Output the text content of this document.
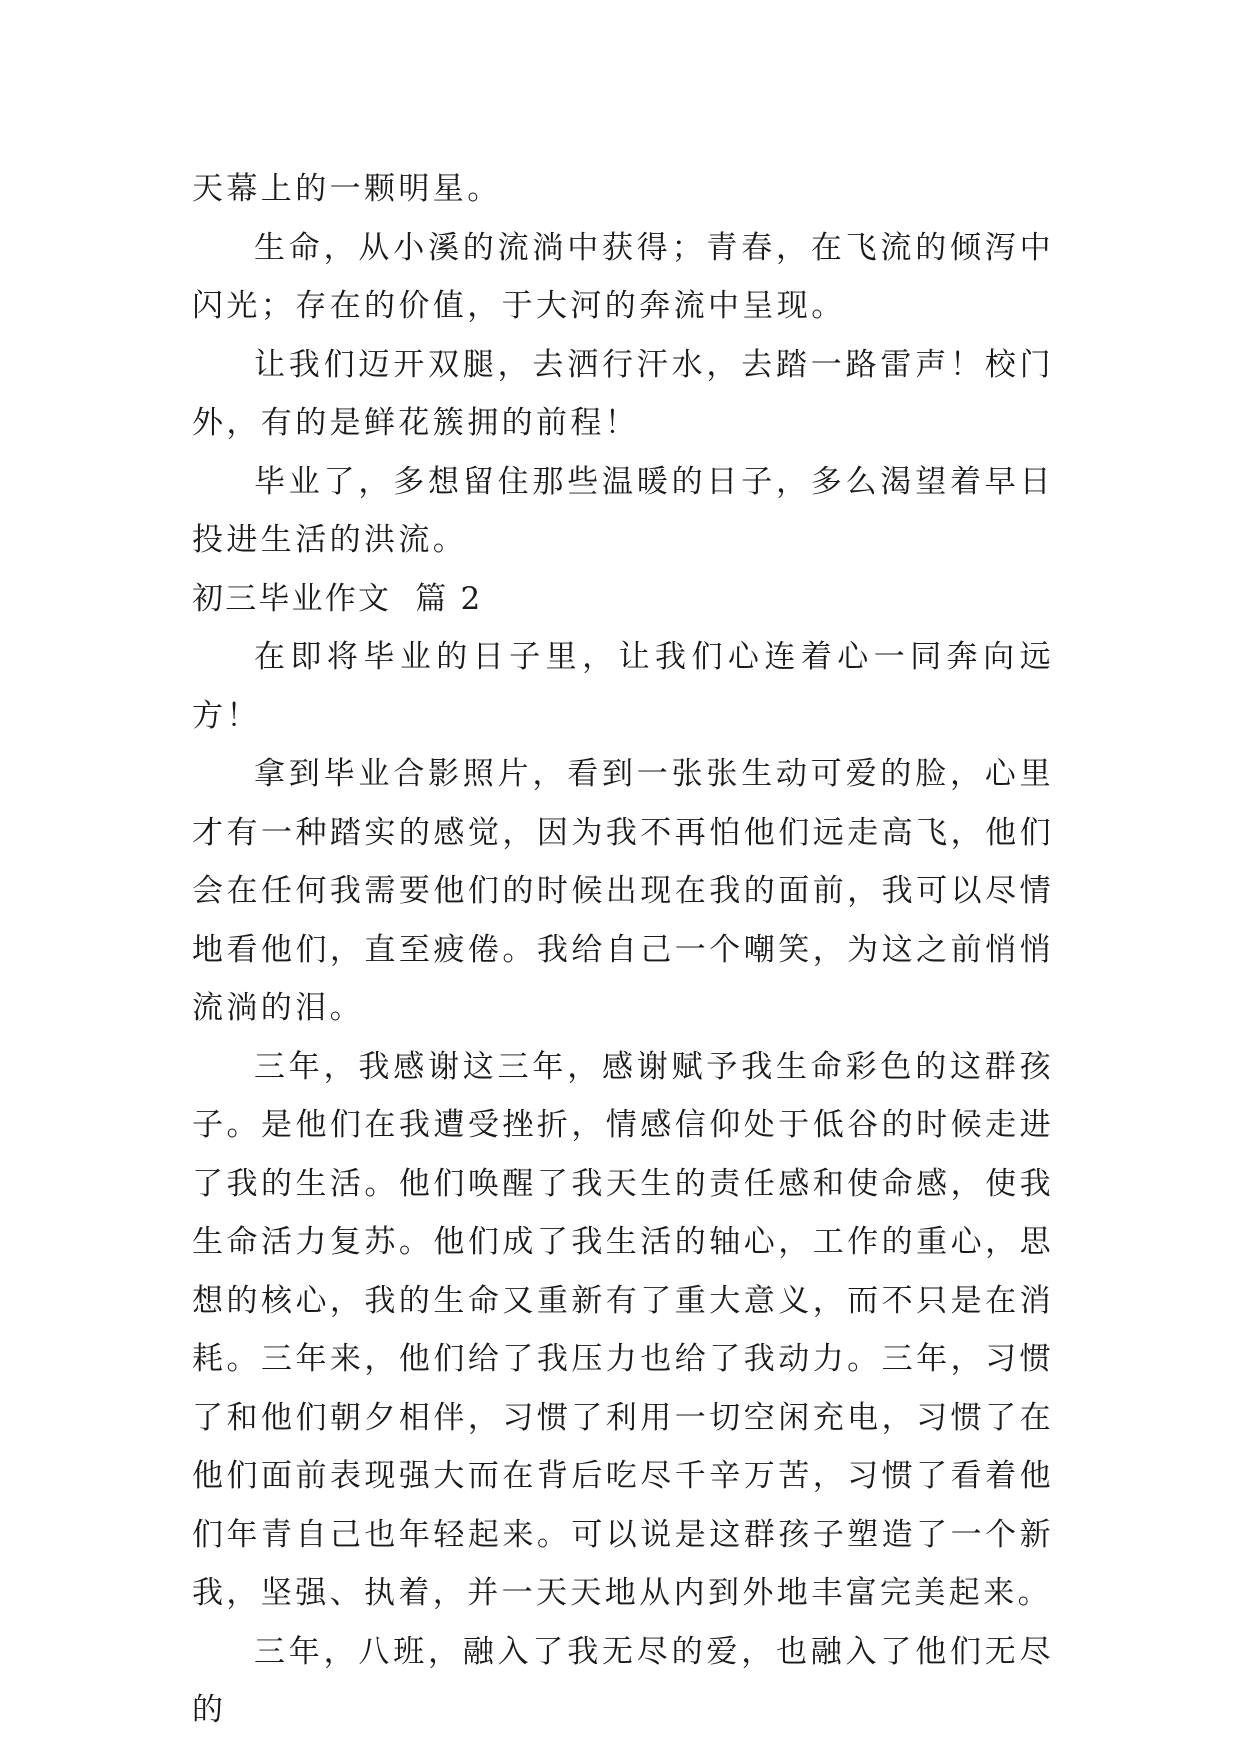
天幕上的一颗明星。

生命，从小溪的流淌中获得；青春，在飞流的倾泻中闪光；存在的价值，于大河的奔流中呈现。

让我们迈开双腿，去洒行汗水，去踏一路雷声！校门外，有的是鲜花簇拥的前程！

毕业了，多想留住那些温暖的日子，多么渴望着早日投进生活的洪流。

初三毕业作文  篇 2

在即将毕业的日子里，让我们心连着心一同奔向远方！

拿到毕业合影照片，看到一张张生动可爱的脸，心里才有一种踏实的感觉，因为我不再怕他们远走高飞，他们会在任何我需要他们的时候出现在我的面前，我可以尽情地看他们，直至疲倦。我给自己一个嘲笑，为这之前悄悄流淌的泪。

三年，我感谢这三年，感谢赋予我生命彩色的这群孩子。是他们在我遭受挫折，情感信仰处于低谷的时候走进了我的生活。他们唤醒了我天生的责任感和使命感，使我生命活力复苏。他们成了我生活的轴心，工作的重心，思想的核心，我的生命又重新有了重大意义，而不只是在消耗。三年来，他们给了我压力也给了我动力。三年，习惯了和他们朝夕相伴，习惯了利用一切空闲充电，习惯了在他们面前表现强大而在背后吃尽千辛万苦，习惯了看着他们年青自己也年轻起来。可以说是这群孩子塑造了一个新我，坚强、执着，并一天天地从内到外地丰富完美起来。

三年，八班，融入了我无尽的爱，也融入了他们无尽的
